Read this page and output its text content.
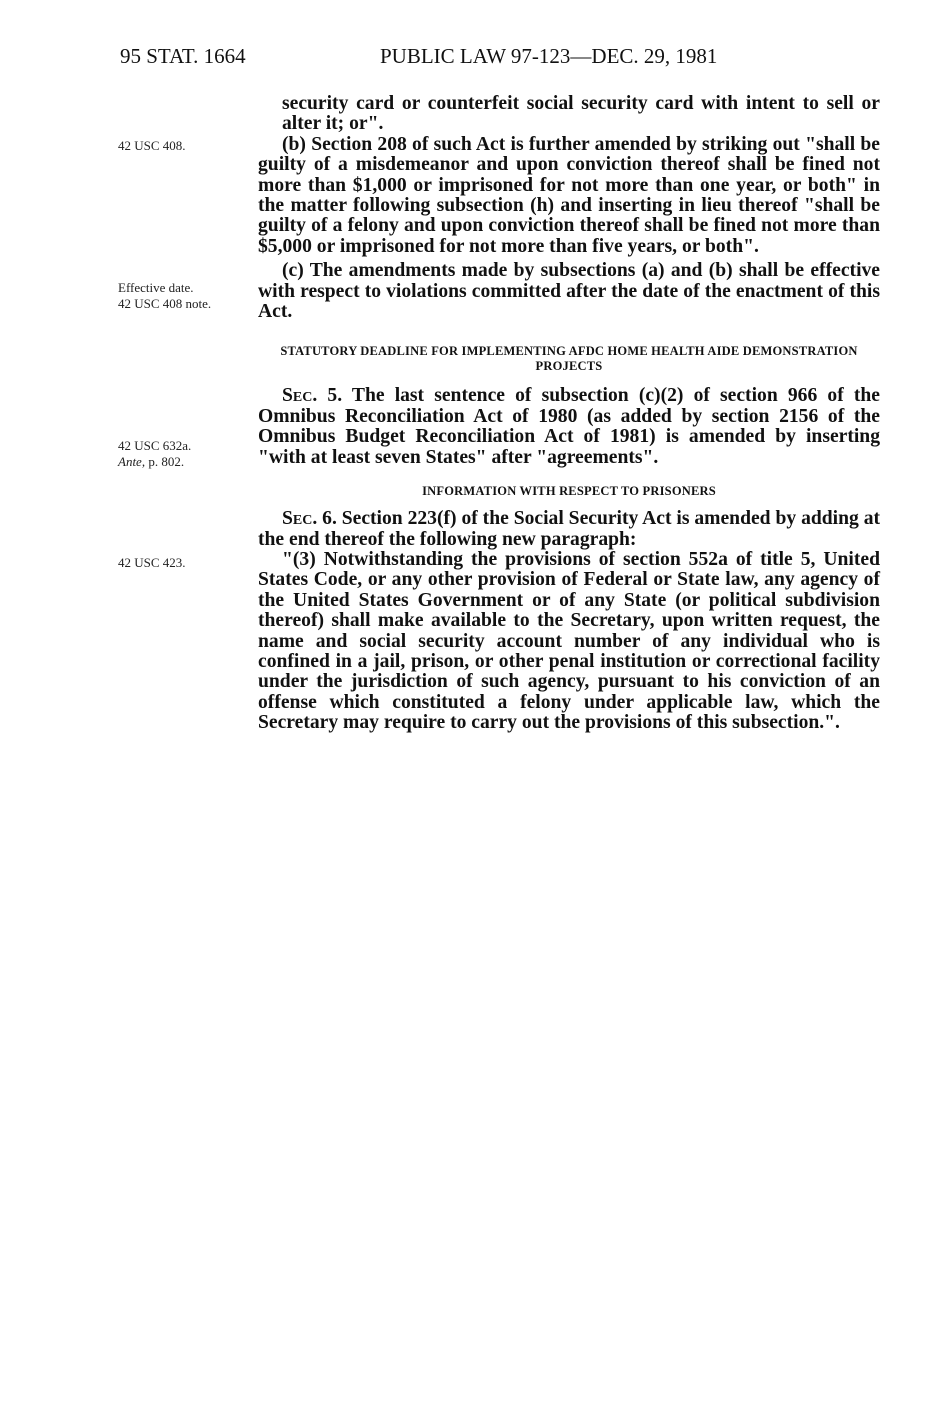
95 STAT. 1664	PUBLIC LAW 97-123—DEC. 29, 1981
42 USC 408.
Effective date.
42 USC 408 note.
42 USC 632a.
Ante, p. 802.
42 USC 423.

security card or counterfeit social security card with intent to sell or alter it; or".

(b) Section 208 of such Act is further amended by striking out "shall be guilty of a misdemeanor and upon conviction thereof shall be fined not more than $1,000 or imprisoned for not more than one year, or both" in the matter following subsection (h) and inserting in lieu thereof "shall be guilty of a felony and upon conviction thereof shall be fined not more than $5,000 or imprisoned for not more than five years, or both".

(c) The amendments made by subsections (a) and (b) shall be effective with respect to violations committed after the date of the enactment of this Act.

STATUTORY DEADLINE FOR IMPLEMENTING AFDC HOME HEALTH AIDE DEMONSTRATION PROJECTS

Sec. 5. The last sentence of subsection (c)(2) of section 966 of the Omnibus Reconciliation Act of 1980 (as added by section 2156 of the Omnibus Budget Reconciliation Act of 1981) is amended by inserting "with at least seven States" after "agreements".

INFORMATION WITH RESPECT TO PRISONERS

Sec. 6. Section 223(f) of the Social Security Act is amended by adding at the end thereof the following new paragraph:

"(3) Notwithstanding the provisions of section 552a of title 5, United States Code, or any other provision of Federal or State law, any agency of the United States Government or of any State (or political subdivision thereof) shall make available to the Secretary, upon written request, the name and social security account number of any individual who is confined in a jail, prison, or other penal institution or correctional facility under the jurisdiction of such agency, pursuant to his conviction of an offense which constituted a felony under applicable law, which the Secretary may require to carry out the provisions of this subsection.".
